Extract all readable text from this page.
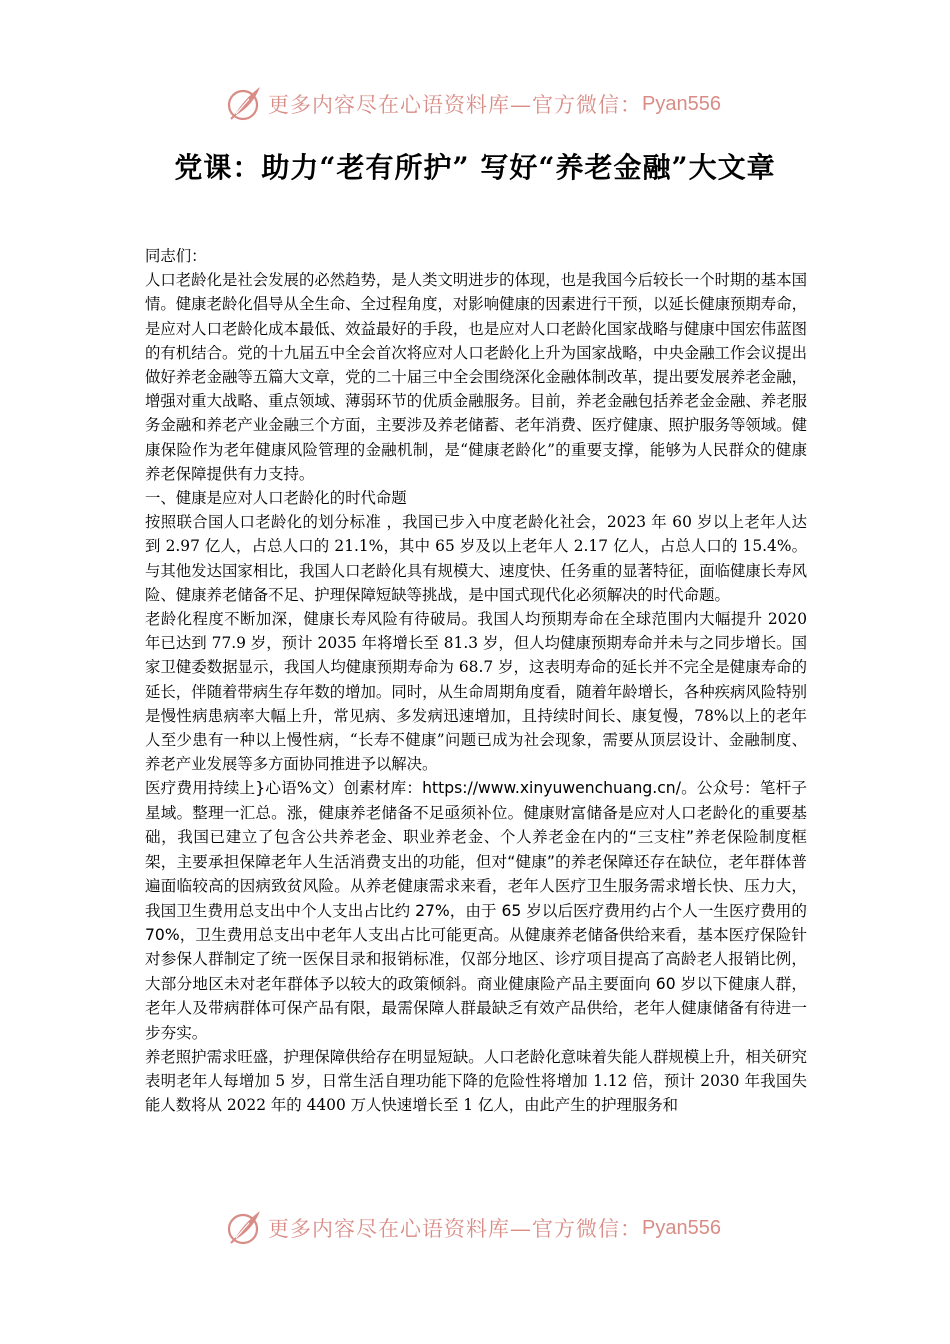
更多内容尽在心语资料库—官方微信： Pyan556
党课：助力“老有所护” 写好“养老金融”大文章

同志们：

人口老龄化是社会发展的必然趋势，是人类文明进步的体现，也是我国今后较长一个时期的基本国情。健康老龄化倡导从全生命、全过程角度，对影响健康的因素进行干预，以延长健康预期寿命，是应对人口老龄化成本最低、效益最好的手段，也是应对人口老龄化国家战略与健康中国宏伟蓝图的有机结合。党的十九届五中全会首次将应对人口老龄化上升为国家战略，中央金融工作会议提出做好养老金融等五篇大文章，党的二十届三中全会围绕深化金融体制改革，提出要发展养老金融，增强对重大战略、重点领域、薄弱环节的优质金融服务。目前，养老金融包括养老金金融、养老服务金融和养老产业金融三个方面，主要涉及养老储蓄、老年消费、医疗健康、照护服务等领域。健康保险作为老年健康风险管理的金融机制，是“健康老龄化”的重要支撑，能够为人民群众的健康养老保障提供有力支持。

一、健康是应对人口老龄化的时代命题

按照联合国人口老龄化的划分标准 ，我国已步入中度老龄化社会，2023 年 60 岁以上老年人达到 2.97 亿人，占总人口的 21.1%，其中 65 岁及以上老年人 2.17 亿人，占总人口的 15.4%。与其他发达国家相比，我国人口老龄化具有规模大、速度快、任务重的显著特征，面临健康长寿风险、健康养老储备不足、护理保障短缺等挑战，是中国式现代化必须解决的时代命题。

老龄化程度不断加深，健康长寿风险有待破局。我国人均预期寿命在全球范围内大幅提升 2020 年已达到 77.9 岁，预计 2035 年将增长至 81.3 岁，但人均健康预期寿命并未与之同步增长。国家卫健委数据显示，我国人均健康预期寿命为 68.7 岁，这表明寿命的延长并不完全是健康寿命的延长，伴随着带病生存年数的增加。同时，从生命周期角度看，随着年龄增长，各种疾病风险特别是慢性病患病率大幅上升，常见病、多发病迅速增加，且持续时间长、康复慢，78%以上的老年人至少患有一种以上慢性病，“长寿不健康”问题已成为社会现象，需要从顶层设计、金融制度、养老产业发展等多方面协同推进予以解决。

医疗费用持续上}心语%文）创素材库：https://www.xinyuwenchuang.cn/。公众号：笔杆子星域。整理一汇总。涨，健康养老储备不足亟须补位。健康财富储备是应对人口老龄化的重要基础，我国已建立了包含公共养老金、职业养老金、个人养老金在内的“三支柱”养老保险制度框架，主要承担保障老年人生活消费支出的功能，但对“健康”的养老保障还存在缺位，老年群体普遍面临较高的因病致贫风险。从养老健康需求来看，老年人医疗卫生服务需求增长快、压力大，我国卫生费用总支出中个人支出占比约 27%，由于 65 岁以后医疗费用约占个人一生医疗费用的 70%，卫生费用总支出中老年人支出占比可能更高。从健康养老储备供给来看，基本医疗保险针对参保人群制定了统一医保目录和报销标准，仅部分地区、诊疗项目提高了高龄老人报销比例，大部分地区未对老年群体予以较大的政策倾斜。商业健康险产品主要面向 60 岁以下健康人群，老年人及带病群体可保产品有限，最需保障人群最缺乏有效产品供给，老年人健康储备有待进一步夯实。

养老照护需求旺盛，护理保障供给存在明显短缺。人口老龄化意味着失能人群规模上升，相关研究表明老年人每增加 5 岁，日常生活自理功能下降的危险性将增加 1.12 倍，预计 2030 年我国失能人数将从 2022 年的 4400 万人快速增长至 1 亿人，由此产生的护理服务和

更多内容尽在心语资料库—官方微信： Pyan556
